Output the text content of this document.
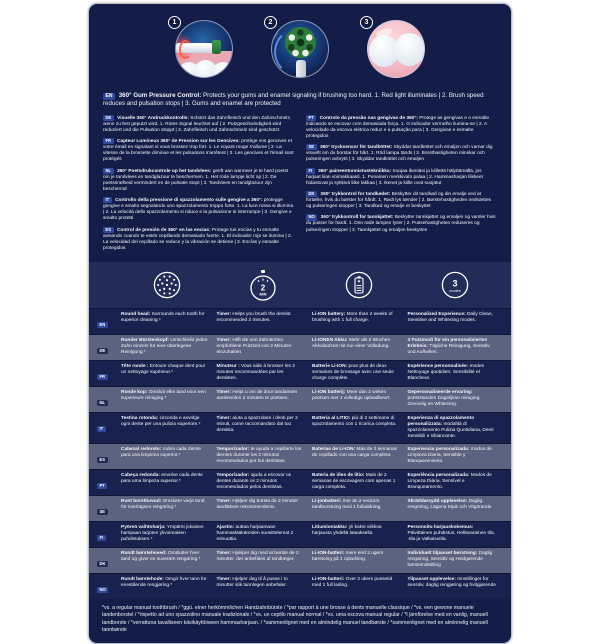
1	2	3

EN 360° Gum Pressure Control: Protects your gums and enamel signaling if brushing too hard. 1. Red light illuminates | 2. Brush speed reduces and pulsation stops | 3. Gums and enamel are protected

DE Visuelle 360° Andruckkontrolle: Schützt das Zahnfleisch und den Zahnschmelz, wenn zu fest geputzt wird. 1. Rotes Signal leuchtet auf | 2. Putzgeschwindigkeit wird reduziert und die Pulsation stoppt | 3. Zahnfleisch und Zahnschmelz sind geschützt

FR Capteur Lumineux 360° de Pression sur les Gencives: protège vos gencives et votre émail en signalant si vous brossez trop fort. 1. Le voyant rouge s'allume | 2. La vitesse de la brossette diminue et les pulsations s'arrêtent | 3. Les gencives et l'émail sont protégés

NL 360° Poetsdrukcontrole op het tandvlees: geeft aan wanneer je te hard poetst om je tandvlees en tandglazuur te beschermen. 1. Het rode lampje licht op | 2. De poetssnelheid vermindert en de pulsatie stopt | 3. Tandvlees en tandglazuur zijn beschermd

IT Controllo della pressione di spazzolamento sulle gengive a 360°: protegge gengive e smalto segnalando uno spazzolamento troppo forte. 1. La luce rossa si illumina | 2. La velocità dello spazzolamento si riduce e la pulsazione si interrompe | 3. Gengive e smalto protetti

ES Control de presión de 360° en las encías: Protege tus encías y tu esmalte avisando cuando te estés cepillando demasiado fuerte. 1. El indicador rojo se ilumina | 2. La velocidad del cepillado se reduce y la vibración se detiene | 3. Encías y esmalte protegidos

PT Controlo da pressão nas gengivas de 360°: Protege as gengivas e o esmalte indicando se escovar com demasiada força. 1. O indicador vermelho ilumina-se | 2. A velocidade da escova elétrica reduz e a pulsação para | 3. Gengivas e esmalte protegidos

SE 360° trycksensor för tandköttet: Skyddar tandköttet och emaljen och varnar dig visuellt om du borstar för hårt. 1. Röd lampa tänds | 2. Borsthastigheten minskar och pulseringen avbryts | 3. Skyddar tandköttet och emaljen

FI 360° paineentunnistustekniikka: Suojaa ikeniäsi ja kiillettä hälyttämällä, jos harjaat liian voimakkaasti. 1. Punainen merkkivalo palaa | 2. Hammasharjan liikkeet hidastuvat ja sykkivä liike lakkaa | 3. Ikenet ja kiille ovat suojatut

DK 360° trykkontrol for tandkødet: Beskytter dit tandkød og din emalje ved at fortælle, hvis du børster for hårdt. 1. Rødt lys tænder | 2. Børstehastigheden nedsættes og pulseringen stopper | 3. Tandkød og emalje er beskyttet

NO 360° trykkontroll for tannkjøttet: Beskytter tannkjøttet og emaljen og varsler hvis du pusser for hardt. 1. Den røde lampen lyser | 2. Pussehastigheten reduseres og pulseringen stopper | 3. Tannkjøttet og emaljen beskyttes

2
MIN
3
modes
EN

Round head: Surrounds each tooth for superior cleaning.*

Timer: Helps you brush the dentist recommended 2 minutes.

Li-ION battery: More than 2 weeks of brushing with 1 full charge.

Personalized Experience: Daily Clean, Sensitive and Whitening modes.

DE

Runder Bürstenkopf: Umschließt jeden Zahn einzeln für eine überlegene Reinigung.*

Timer: Hilft die von Zahnärzten empfohlene Putzzeit von 2 Minuten einzuhalten.

Li-IONEN Akku: Mehr als 2 Wochen Akkulaufzeit mit nur einer Volladung.

3 Putzmodi für ein personalisiertes Erlebnis: Tägliche Reinigung, Sensitiv und Aufhellen.

FR

Tête ronde : Entoure chaque dent pour un nettoyage supérieur.*

Minuteur : Vous aide à brosser les 2 minutes recommandées par les dentistes.

Batterie Li-ION: pour plus de deux semaines de brossage avec une seule charge complète.

Expérience personnalisée: modes Nettoyage quotidien, Sensibilité et Blancheur.

NL

Ronde kop: Omsluit elke tand voor een superieure reiniging.*

Timer: Helpt u om de door tandartsen aanbevolen 2 minuten te poetsen.

Li-ION batterij: Meer dan 2 weken poetsen met 1 volledige oplaadbeurt.

Gepersonaliseerde ervaring: poetsstanden Dagelijkse reiniging, Gevoelig en Whitening.

IT

Testina rotonda: circonda e avvolge ogni dente per una pulizia superiore.*

Timer: aiuta a spazzolare i denti per 2 minuti, come raccomandato dal tuo dentista.

Batteria al LITIO: più di 2 settimane di spazzolamento con 1 ricarica completa.

Esperienza di spazzolamento personalizzata: modalità di spazzolamento Pulizia Quotidiana, Denti Sensibili e Sbiancante.

ES

Cabezal redondo: rodea cada diente para una limpieza superior.*

Temporizador: te ayuda a cepillarte los dientes durante los 2 minutos recomendados por los dentistas.

Baterías de Li-ION: Más de 2 semanas de cepillado con una carga completa.

Experiencia personalizada: modos de Limpieza Diaria, Sensible y Blanqueamiento.

PT

Cabeça redonda: envolve cada dente para uma limpeza superior.*

Temporizador: ajuda a escovar os dentes durante os 2 minutos recomendados pelos dentistas.

Bateria de iões de lítio: Mais de 2 semanas de escovagem com apenas 1 carga completa.

Experiência personalizada: Modos de Limpeza Diária, Sensível e Branqueamento.

SE

Runt borsthuvud: Omsluter varje tand för överlägsen rengöring.*

Timer: Hjälper dig borsta de 2 minuter tandläkare rekommenderar.

Li-jonbatteri: mer än 2 veckors tandborstning med 1 fulladdning.

Skräddarsydd upplevelse: Daglig rengöring, Lägena Mjuk och Vitgörande

FI

Pyöreä vaihtoharja: Ympäröi jokaisen hampaan tarjoten ylivoimaisen puhdistuksen.*

Ajastin: auttaa harjaamaan hammaslääkäreiden suosittelemat 2 minuuttia.

Litiumioniakku: yli kaksi viikkoa harjausta yhdellä latauksella.

Personoitu harjauskokemus: Päivittäinen puhdistus, Hellävarainen tila, -tila ja Valkaisutila.

DK

Rundt børstehoved: Omslutter hver tand og giver en suveræn rengøring.*

Timer: Hjælper dig med at børste de 2 minutter, der anbefales af tandlæger.

Li-ION-batteri: mere end 2 ugers børstning på 1 opladning.

Individuelt tilpasset børstning: Daglig rengøring, Sensitiv og Hvidgørende børsteindstilling

NO

Rundt børstehode: Omgir hver tann for enestående rengjøring.*

Timer: Hjelper deg til å pusse i to minutter slik tannlegen anbefaler.

Li-ION-batteri: Over 2 ukers pussetid med 1 full lading.

Tilpasset opplevelse: Innstillinger for sensitiv, daglig rengjøring og hvitgjørende

*vs. a regular manual toothbrush / *ggü. einer herkömmlichen Handzahnbürste / *par rapport à une brosse à dents manuelle classique / *vs. een gewone manuele tandenborstel / *rispetto ad uno spazzolino manuale tradizionale / *vs. un cepillo manual normal / *vs. uma escova manual regular / *I jämförelse med en vanlig, manuell tandborste / *verrattuna tavalliseen käsikäyttöiseen hammasharjaan. / *sammenlignet med en almindelig manuel tandbørste / *sammenlignet med en alminnelig manuell tannbørste
